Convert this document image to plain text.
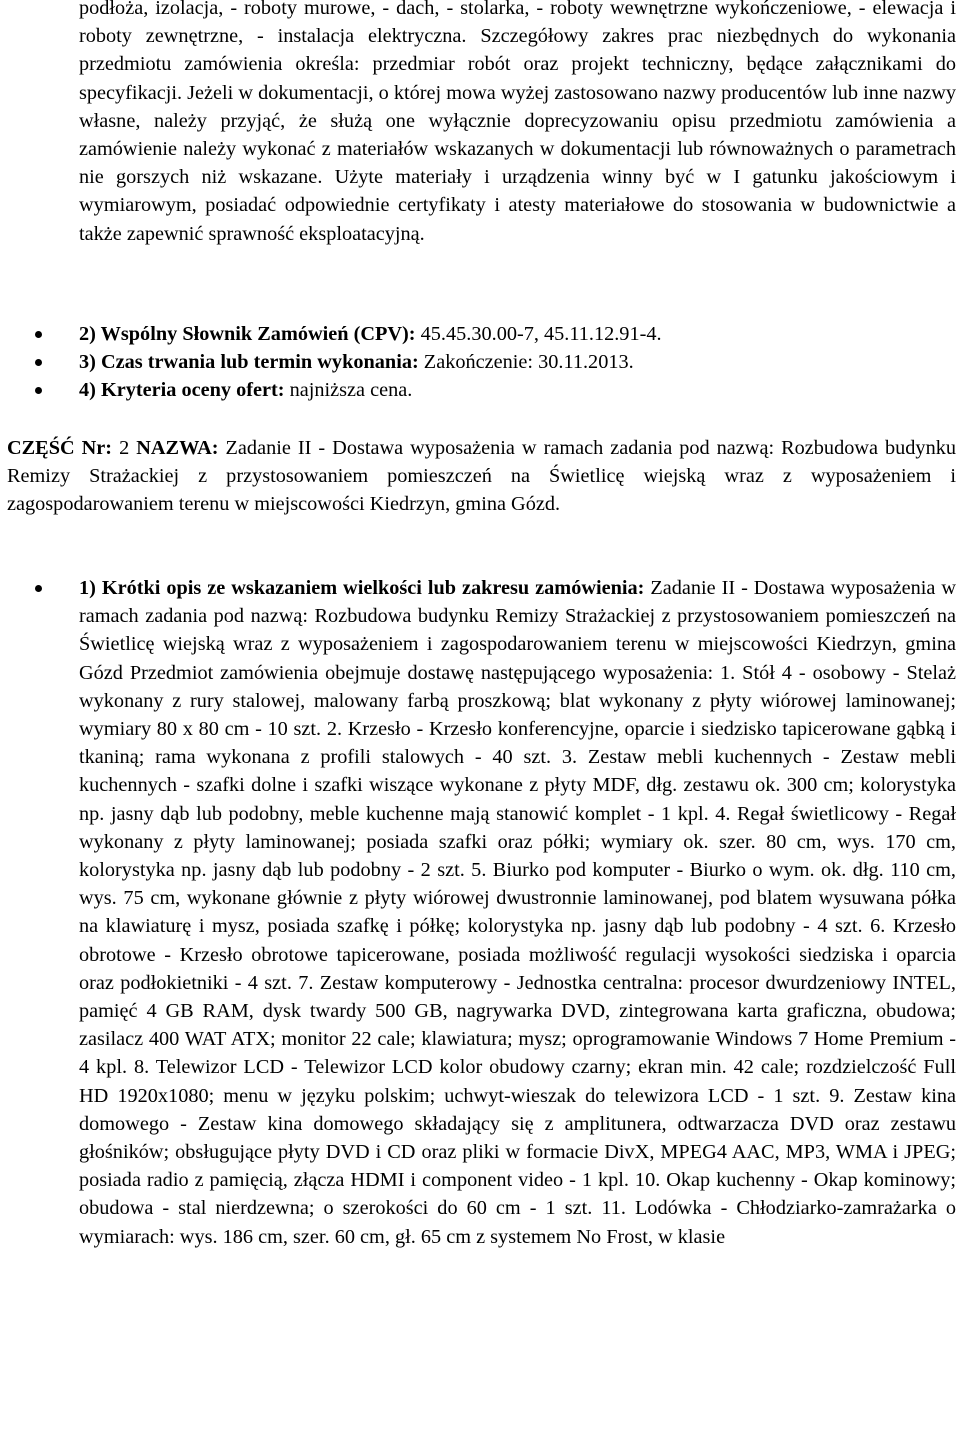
podłoża, izolacja, - roboty murowe, - dach, - stolarka, - roboty wewnętrzne wykończeniowe, - elewacja i roboty zewnętrzne, - instalacja elektryczna. Szczegółowy zakres prac niezbędnych do wykonania przedmiotu zamówienia określa: przedmiar robót oraz projekt techniczny, będące załącznikami do specyfikacji. Jeżeli w dokumentacji, o której mowa wyżej zastosowano nazwy producentów lub inne nazwy własne, należy przyjąć, że służą one wyłącznie doprecyzowaniu opisu przedmiotu zamówienia a zamówienie należy wykonać z materiałów wskazanych w dokumentacji lub równoważnych o parametrach nie gorszych niż wskazane. Użyte materiały i urządzenia winny być w I gatunku jakościowym i wymiarowym, posiadać odpowiednie certyfikaty i atesty materiałowe do stosowania w budownictwie a także zapewnić sprawność eksploatacyjną.
2) Wspólny Słownik Zamówień (CPV): 45.45.30.00-7, 45.11.12.91-4.
3) Czas trwania lub termin wykonania: Zakończenie: 30.11.2013.
4) Kryteria oceny ofert: najniższa cena.
CZĘŚĆ Nr: 2 NAZWA: Zadanie II - Dostawa wyposażenia w ramach zadania pod nazwą: Rozbudowa budynku Remizy Strażackiej z przystosowaniem pomieszczeń na Świetlicę wiejską wraz z wyposażeniem i zagospodarowaniem terenu w miejscowości Kiedrzyn, gmina Gózd.
1) Krótki opis ze wskazaniem wielkości lub zakresu zamówienia: Zadanie II - Dostawa wyposażenia w ramach zadania pod nazwą: Rozbudowa budynku Remizy Strażackiej z przystosowaniem pomieszczeń na Świetlicę wiejską wraz z wyposażeniem i zagospodarowaniem terenu w miejscowości Kiedrzyn, gmina Gózd Przedmiot zamówienia obejmuje dostawę następującego wyposażenia: 1. Stół 4 - osobowy - Stelaż wykonany z rury stalowej, malowany farbą proszkową; blat wykonany z płyty wiórowej laminowanej; wymiary 80 x 80 cm - 10 szt. 2. Krzesło - Krzesło konferencyjne, oparcie i siedzisko tapicerowane gąbką i tkaniną; rama wykonana z profili stalowych - 40 szt. 3. Zestaw mebli kuchennych - Zestaw mebli kuchennych - szafki dolne i szafki wiszące wykonane z płyty MDF, dłg. zestawu ok. 300 cm; kolorystyka np. jasny dąb lub podobny, meble kuchenne mają stanowić komplet - 1 kpl. 4. Regał świetlicowy - Regał wykonany z płyty laminowanej; posiada szafki oraz półki; wymiary ok. szer. 80 cm, wys. 170 cm, kolorystyka np. jasny dąb lub podobny - 2 szt. 5. Biurko pod komputer - Biurko o wym. ok. dłg. 110 cm, wys. 75 cm, wykonane głównie z płyty wiórowej dwustronnie laminowanej, pod blatem wysuwana półka na klawiaturę i mysz, posiada szafkę i półkę; kolorystyka np. jasny dąb lub podobny - 4 szt. 6. Krzesło obrotowe - Krzesło obrotowe tapicerowane, posiada możliwość regulacji wysokości siedziska i oparcia oraz podłokietniki - 4 szt. 7. Zestaw komputerowy - Jednostka centralna: procesor dwurdzeniowy INTEL, pamięć 4 GB RAM, dysk twardy 500 GB, nagrywarka DVD, zintegrowana karta graficzna, obudowa; zasilacz 400 WAT ATX; monitor 22 cale; klawiatura; mysz; oprogramowanie Windows 7 Home Premium - 4 kpl. 8. Telewizor LCD - Telewizor LCD kolor obudowy czarny; ekran min. 42 cale; rozdzielczość Full HD 1920x1080; menu w języku polskim; uchwyt-wieszak do telewizora LCD - 1 szt. 9. Zestaw kina domowego - Zestaw kina domowego składający się z amplitunera, odtwarzacza DVD oraz zestawu głośników; obsługujące płyty DVD i CD oraz pliki w formacie DivX, MPEG4 AAC, MP3, WMA i JPEG; posiada radio z pamięcią, złącza HDMI i component video - 1 kpl. 10. Okap kuchenny - Okap kominowy; obudowa - stal nierdzewna; o szerokości do 60 cm - 1 szt. 11. Lodówka - Chłodziarko-zamrażarka o wymiarach: wys. 186 cm, szer. 60 cm, gł. 65 cm z systemem No Frost, w klasie
